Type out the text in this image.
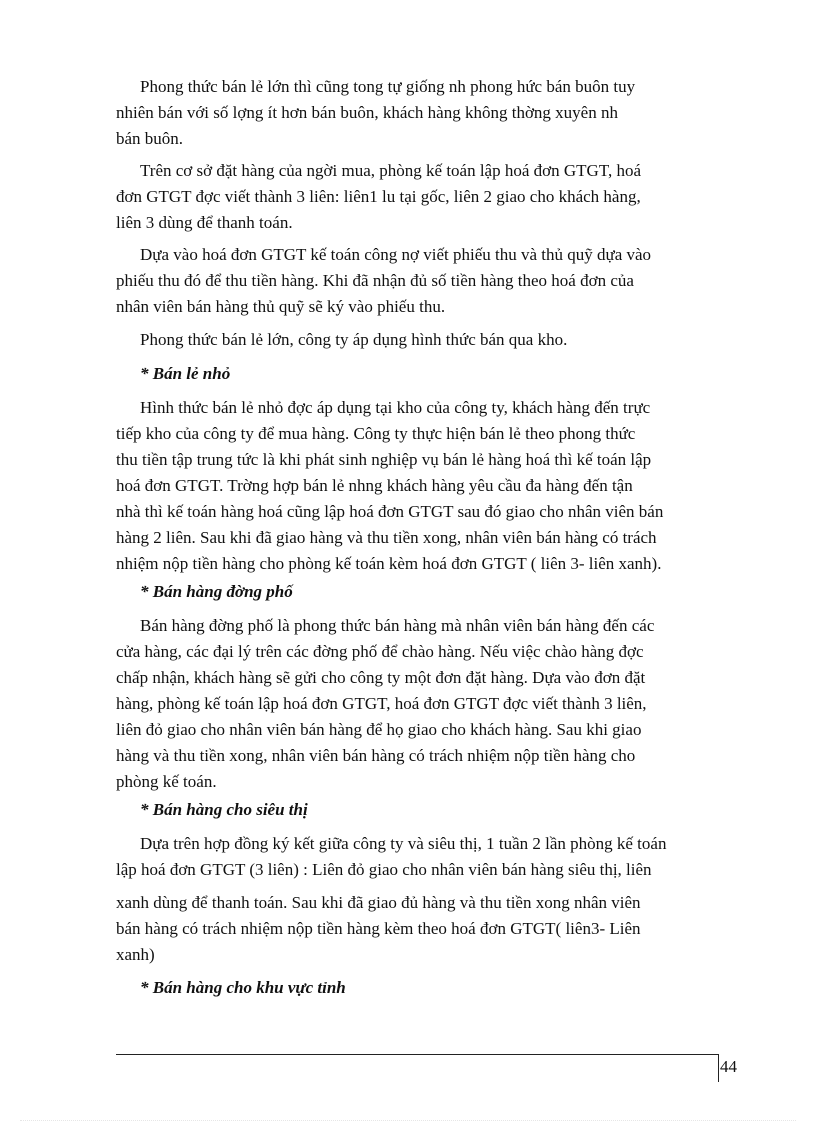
Phong thức bán lẻ lớn thì cũng tong tự giống nh phong hức bán buôn tuy
nhiên bán với số lợng ít hơn bán buôn, khách hàng không thờng xuyên nh
bán buôn.
Trên cơ sở đặt hàng của ngời mua, phòng kế toán lập hoá đơn GTGT, hoá
đơn GTGT đợc viết thành 3 liên: liên1 lu tại gốc, liên 2 giao cho khách hàng,
liên 3 dùng để thanh toán.
Dựa vào hoá đơn GTGT kế toán công nợ viết phiếu thu và thủ quỹ dựa vào
phiếu thu đó để thu tiền hàng. Khi đã nhận đủ số tiền hàng theo hoá đơn của
nhân viên bán hàng thủ quỹ sẽ ký vào phiếu thu.
Phong thức bán lẻ lớn, công ty áp dụng hình thức bán qua kho.
* Bán lẻ nhỏ
Hình thức bán lẻ nhỏ đợc áp dụng tại kho của công ty, khách hàng đến trực
tiếp kho của công ty để mua hàng. Công ty thực hiện bán lẻ theo phong thức
thu tiền tập trung tức là khi phát sinh nghiệp vụ bán lẻ hàng hoá thì kế toán lập
hoá đơn GTGT. Trờng hợp bán lẻ nhng khách hàng yêu cầu đa hàng đến tận
nhà thì kế toán hàng hoá cũng lập hoá đơn GTGT sau đó giao cho nhân viên bán
hàng 2 liên. Sau khi đã giao hàng và thu tiền xong, nhân viên bán hàng có trách
nhiệm nộp tiền hàng cho phòng kế toán kèm hoá đơn GTGT ( liên 3- liên xanh).
* Bán hàng đờng phố
Bán hàng đờng phố là phong thức bán hàng mà nhân viên bán hàng đến các
cửa hàng, các đại lý trên các đờng phố để chào hàng. Nếu việc chào hàng đợc
chấp nhận, khách hàng sẽ gửi cho công ty một đơn đặt hàng. Dựa vào đơn đặt
hàng, phòng kế toán lập hoá đơn GTGT, hoá đơn GTGT đợc viết thành 3 liên,
liên đỏ giao cho nhân viên bán hàng để họ giao cho khách hàng. Sau khi giao
hàng và thu tiền xong, nhân viên bán hàng có trách nhiệm nộp tiền hàng cho
phòng kế toán.
* Bán hàng cho siêu thị
Dựa trên hợp đồng ký kết giữa công ty và siêu thị, 1 tuần 2 lần phòng kế toán
lập hoá đơn GTGT (3 liên) : Liên đỏ giao cho nhân viên bán hàng siêu thị, liên
xanh dùng để thanh toán. Sau khi đã giao đủ hàng và thu tiền xong nhân viên
bán hàng có trách nhiệm nộp tiền hàng kèm theo hoá đơn GTGT( liên3- Liên
xanh)
* Bán hàng cho khu vực tỉnh
44
